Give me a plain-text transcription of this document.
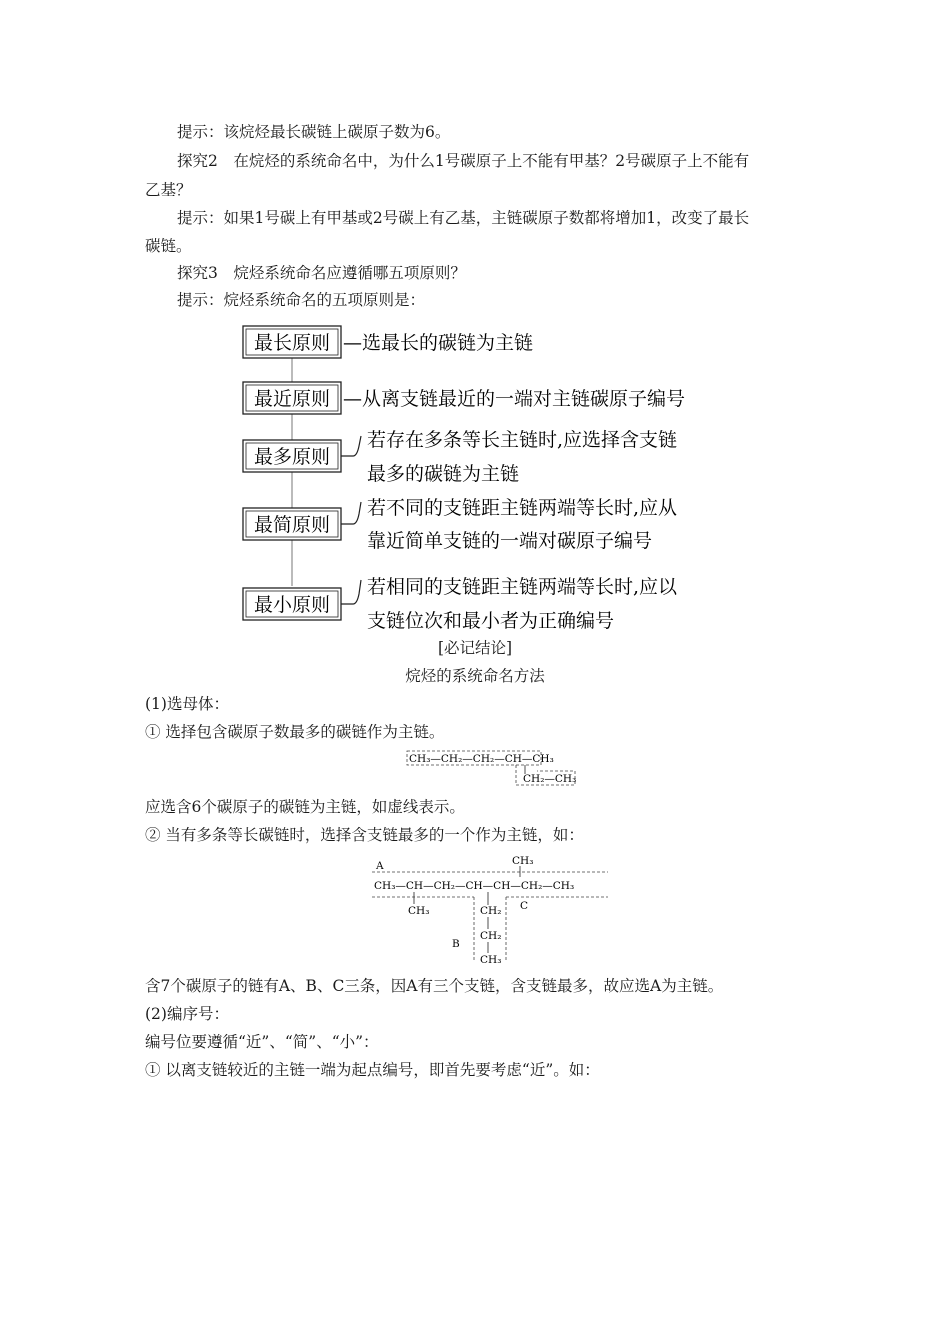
提示：该烷烃最长碳链上碳原子数为6。
探究2　在烷烃的系统命名中，为什么1号碳原子上不能有甲基？2号碳原子上不能有
乙基？
提示：如果1号碳上有甲基或2号碳上有乙基，主链碳原子数都将增加1，改变了最长
碳链。
探究3　烷烃系统命名应遵循哪五项原则？
提示：烷烃系统命名的五项原则是：
最长原则 —选最长的碳链为主链
最近原则 —从离支链最近的一端对主链碳原子编号
最多原则
若存在多条等长主链时,应选择含支链
最多的碳链为主链
最简原则
若不同的支链距主链两端等长时,应从
靠近简单支链的一端对碳原子编号
最小原则
若相同的支链距主链两端等长时,应以
支链位次和最小者为正确编号
[必记结论]
烷烃的系统命名方法
(1)选母体：
① 选择包含碳原子数最多的碳链作为主链。
CH₃—CH₂—CH₂—CH—CH₃
CH₂—CH₃
应选含6个碳原子的碳链为主链，如虚线表示。
② 当有多条等长碳链时，选择含支链最多的一个作为主链，如：
A	CH₃
CH₃—CH—CH₂—CH—CH—CH₂—CH₃
CH₃	CH₂
CH₂
CH₃
B
C
含7个碳原子的链有A、B、C三条，因A有三个支链，含支链最多，故应选A为主链。
(2)编序号：
编号位要遵循“近”、“简”、“小”：
① 以离支链较近的主链一端为起点编号，即首先要考虑“近”。如：
